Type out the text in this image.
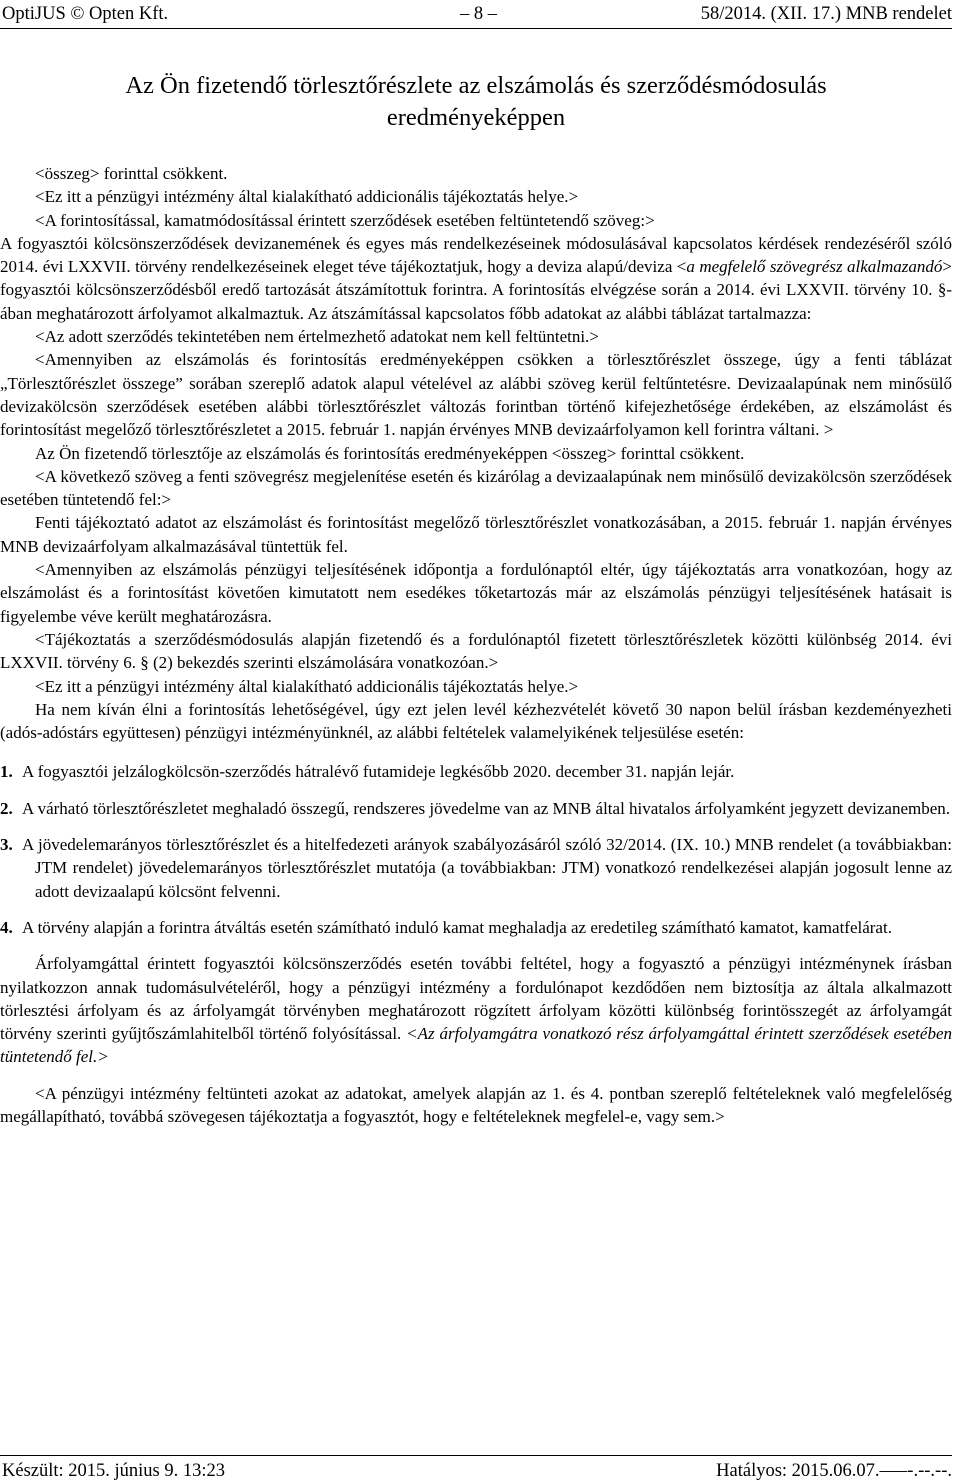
OptiJUS © Opten Kft.	– 8 –	58/2014. (XII. 17.) MNB rendelet
Az Ön fizetendő törlesztőrészlete az elszámolás és szerződésmódosulás
eredményeképpen

<összeg> forinttal csökkent.

<Ez itt a pénzügyi intézmény által kialakítható addicionális tájékoztatás helye.>

<A forintosítással, kamatmódosítással érintett szerződések esetében feltüntetendő szöveg:>

A fogyasztói kölcsönszerződések devizanemének és egyes más rendelkezéseinek módosulásával kapcsolatos kérdések rendezéséről szóló 2014. évi LXXVII. törvény rendelkezéseinek eleget téve tájékoztatjuk, hogy a deviza alapú/deviza <a megfelelő szövegrész alkalmazandó> fogyasztói kölcsönszerződésből eredő tartozását átszámítottuk forintra. A forintosítás elvégzése során a 2014. évi LXXVII. törvény 10. §-ában meghatározott árfolyamot alkalmaztuk. Az átszámítással kapcsolatos főbb adatokat az alábbi táblázat tartalmazza:

<Az adott szerződés tekintetében nem értelmezhető adatokat nem kell feltüntetni.>

<Amennyiben az elszámolás és forintosítás eredményeképpen csökken a törlesztőrészlet összege, úgy a fenti táblázat „Törlesztőrészlet összege” sorában szereplő adatok alapul vételével az alábbi szöveg kerül feltűntetésre. Devizaalapúnak nem minősülő devizakölcsön szerződések esetében alábbi törlesztőrészlet változás forintban történő kifejezhetősége érdekében, az elszámolást és forintosítást megelőző törlesztőrészletet a 2015. február 1. napján érvényes MNB devizaárfolyamon kell forintra váltani. >

Az Ön fizetendő törlesztője az elszámolás és forintosítás eredményeképpen <összeg> forinttal csökkent.

<A következő szöveg a fenti szövegrész megjelenítése esetén és kizárólag a devizaalapúnak nem minősülő devizakölcsön szerződések esetében tüntetendő fel:>

Fenti tájékoztató adatot az elszámolást és forintosítást megelőző törlesztőrészlet vonatkozásában, a 2015. február 1. napján érvényes MNB devizaárfolyam alkalmazásával tüntettük fel.

<Amennyiben az elszámolás pénzügyi teljesítésének időpontja a fordulónaptól eltér, úgy tájékoztatás arra vonatkozóan, hogy az elszámolást és a forintosítást követően kimutatott nem esedékes tőketartozás már az elszámolás pénzügyi teljesítésének hatásait is figyelembe véve került meghatározásra.

<Tájékoztatás a szerződésmódosulás alapján fizetendő és a fordulónaptól fizetett törlesztőrészletek közötti különbség 2014. évi LXXVII. törvény 6. § (2) bekezdés szerinti elszámolására vonatkozóan.>

<Ez itt a pénzügyi intézmény által kialakítható addicionális tájékoztatás helye.>

Ha nem kíván élni a forintosítás lehetőségével, úgy ezt jelen levél kézhezvételét követő 30 napon belül írásban kezdeményezheti (adós-adóstárs együttesen) pénzügyi intézményünknél, az alábbi feltételek valamelyikének teljesülése esetén:

1. A fogyasztói jelzálogkölcsön-szerződés hátralévő futamideje legkésőbb 2020. december 31. napján lejár.

2. A várható törlesztőrészletet meghaladó összegű, rendszeres jövedelme van az MNB által hivatalos árfolyamként jegyzett devizanemben.

3. A jövedelemarányos törlesztőrészlet és a hitelfedezeti arányok szabályozásáról szóló 32/2014. (IX. 10.) MNB rendelet (a továbbiakban: JTM rendelet) jövedelemarányos törlesztőrészlet mutatója (a továbbiakban: JTM) vonatkozó rendelkezései alapján jogosult lenne az adott devizaalapú kölcsönt felvenni.

4. A törvény alapján a forintra átváltás esetén számítható induló kamat meghaladja az eredetileg számítható kamatot, kamatfelárat.

Árfolyamgáttal érintett fogyasztói kölcsönszerződés esetén további feltétel, hogy a fogyasztó a pénzügyi intézménynek írásban nyilatkozzon annak tudomásulvételéről, hogy a pénzügyi intézmény a fordulónapot kezdődően nem biztosítja az általa alkalmazott törlesztési árfolyam és az árfolyamgát törvényben meghatározott rögzített árfolyam közötti különbség forintösszegét az árfolyamgát törvény szerinti gyűjtőszámlahitelből történő folyósítással. <Az árfolyamgátra vonatkozó rész árfolyamgáttal érintett szerződések esetében tüntetendő fel.>

<A pénzügyi intézmény feltünteti azokat az adatokat, amelyek alapján az 1. és 4. pontban szereplő feltételeknek való megfelelőség megállapítható, továbbá szövegesen tájékoztatja a fogyasztót, hogy e feltételeknek megfelel-e, vagy sem.>

Készült: 2015. június 9. 13:23	Hatályos: 2015.06.07.–––-.--.--.
